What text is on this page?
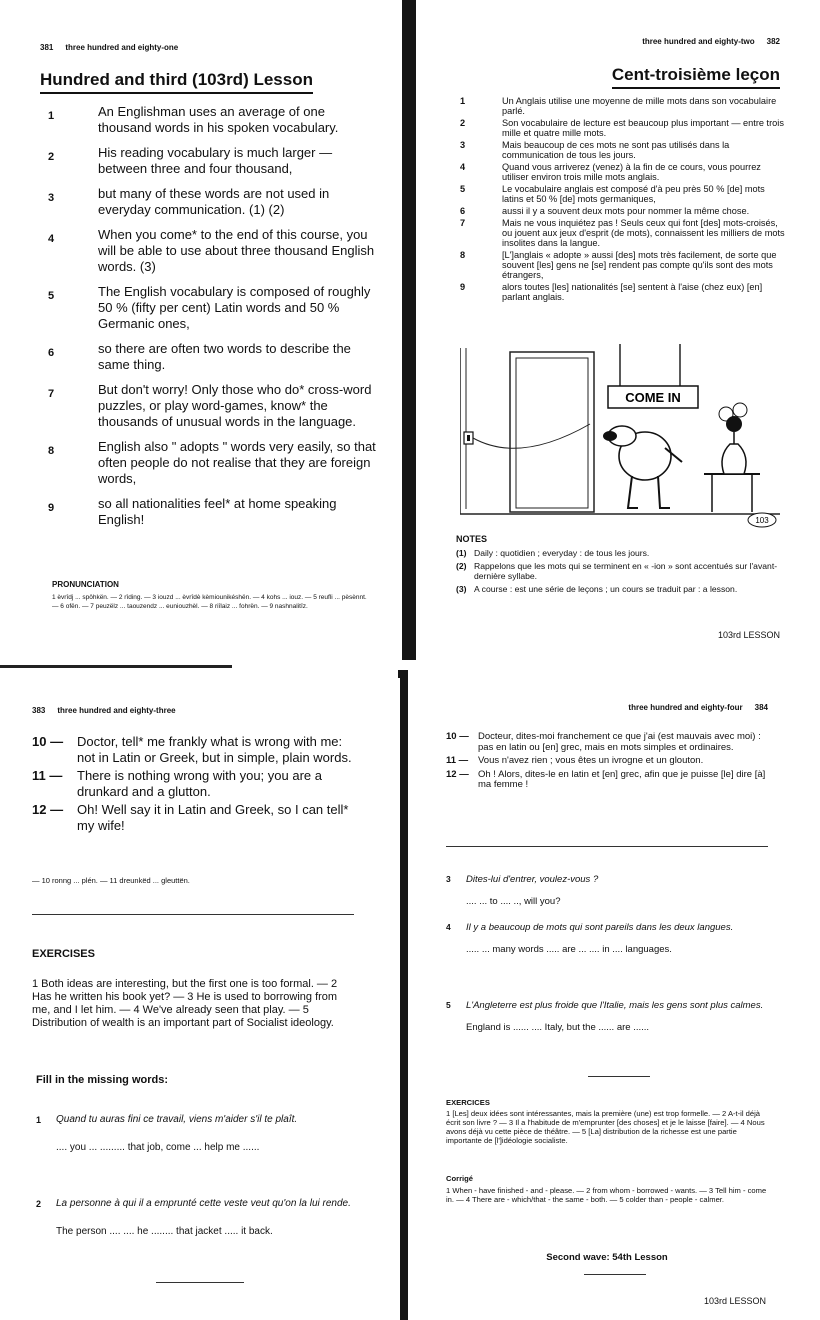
381 three hundred and eighty-one
Hundred and third (103rd) Lesson
1	An Englishman uses an average of one thousand words in his spoken vocabulary.
2	His reading vocabulary is much larger — between three and four thousand,
3	but many of these words are not used in everyday communication. (1) (2)
4	When you come* to the end of this course, you will be able to use about three thousand English words. (3)
5	The English vocabulary is composed of roughly 50 % (fifty per cent) Latin words and 50 % Germanic ones,
6	so there are often two words to describe the same thing.
7	But don't worry! Only those who do* cross-word puzzles, or play word-games, know* the thousands of unusual words in the language.
8	English also " adopts " words very easily, so that often people do not realise that they are foreign words,
9	so all nationalities feel* at home speaking English!
PRONUNCIATION
1 èvrîdj ... spôhkën. — 2 rîding. — 3 iouzd ... èvrîdè kèmiounikéshën. — 4 kohs ... iouz. — 5 reufli ... pèsènnt. — 6 ofën. — 7 peuzëlz ... taouzendz ... euniouzhèl. — 8 riîlaiz ... fohrën. — 9 nashnalitîz.
three hundred and eighty-two 382
Cent-troisième leçon
1	Un Anglais utilise une moyenne de mille mots dans son vocabulaire parlé.
2	Son vocabulaire de lecture est beaucoup plus important — entre trois mille et quatre mille mots.
3	Mais beaucoup de ces mots ne sont pas utilisés dans la communication de tous les jours.
4	Quand vous arriverez (venez) à la fin de ce cours, vous pourrez utiliser environ trois mille mots anglais.
5	Le vocabulaire anglais est composé d'à peu près 50 % [de] mots latins et 50 % [de] mots germaniques,
6	aussi il y a souvent deux mots pour nommer la même chose.
7	Mais ne vous inquiétez pas ! Seuls ceux qui font [des] mots-croisés, ou jouent aux jeux d'esprit (de mots), connaissent les milliers de mots insolites dans la langue.
8	[L']anglais « adopte » aussi [des] mots très facilement, de sorte que souvent [les] gens ne [se] rendent pas compte qu'ils sont des mots étrangers,
9	alors toutes [les] nationalités [se] sentent à l'aise (chez eux) [en] parlant anglais.
COME IN
103
NOTES
(1) Daily : quotidien ; everyday : de tous les jours.
(2) Rappelons que les mots qui se terminent en « -ion » sont accentués sur l'avant-dernière syllabe.
(3) A course : est une série de leçons ; un cours se traduit par : a lesson.
103rd LESSON
383 three hundred and eighty-three
10 —	Doctor, tell* me frankly what is wrong with me: not in Latin or Greek, but in simple, plain words.
11 —	There is nothing wrong with you; you are a drunkard and a glutton.
12 —	Oh! Well say it in Latin and Greek, so I can tell* my wife!
— 10 ronng ... plén. — 11 dreunkëd ... gleuttën.
EXERCISES
1 Both ideas are interesting, but the first one is too formal. — 2 Has he written his book yet? — 3 He is used to borrowing from me, and I let him. — 4 We've already seen that play. — 5 Distribution of wealth is an important part of Socialist ideology.
Fill in the missing words:
1	Quand tu auras fini ce travail, viens m'aider s'il te plaît.
.... you ... ......... that job, come ... help me ......
2	La personne à qui il a emprunté cette veste veut qu'on la lui rende.
The person .... .... he ........ that jacket ..... it back.
three hundred and eighty-four 384
10 — Docteur, dites-moi franchement ce que j'ai (est mauvais avec moi) : pas en latin ou [en] grec, mais en mots simples et ordinaires.
11 —	Vous n'avez rien ; vous êtes un ivrogne et un glouton.
12 — Oh ! Alors, dites-le en latin et [en] grec, afin que je puisse [le] dire [à] ma femme !
3	Dites-lui d'entrer, voulez-vous ?
.... ... to .... .., will you?
4	Il y a beaucoup de mots qui sont pareils dans les deux langues.
..... ... many words ..... are ... .... in .... languages.
5	L'Angleterre est plus froide que l'Italie, mais les gens sont plus calmes.
England is ...... .... Italy, but the ...... are ......
EXERCICES
1 [Les] deux idées sont intéressantes, mais la première (une) est trop formelle. — 2 A-t-il déjà écrit son livre ? — 3 Il a l'habitude de m'emprunter [des choses] et je le laisse [faire]. — 4 Nous avons déjà vu cette pièce de théâtre. — 5 [La] distribution de la richesse est une partie importante de [l']idéologie socialiste.
Corrigé
1 When - have finished - and - please. — 2 from whom - borrowed - wants. — 3 Tell him - come in. — 4 There are - which/that - the same - both. — 5 colder than - people - calmer.
Second wave: 54th Lesson
103rd LESSON
